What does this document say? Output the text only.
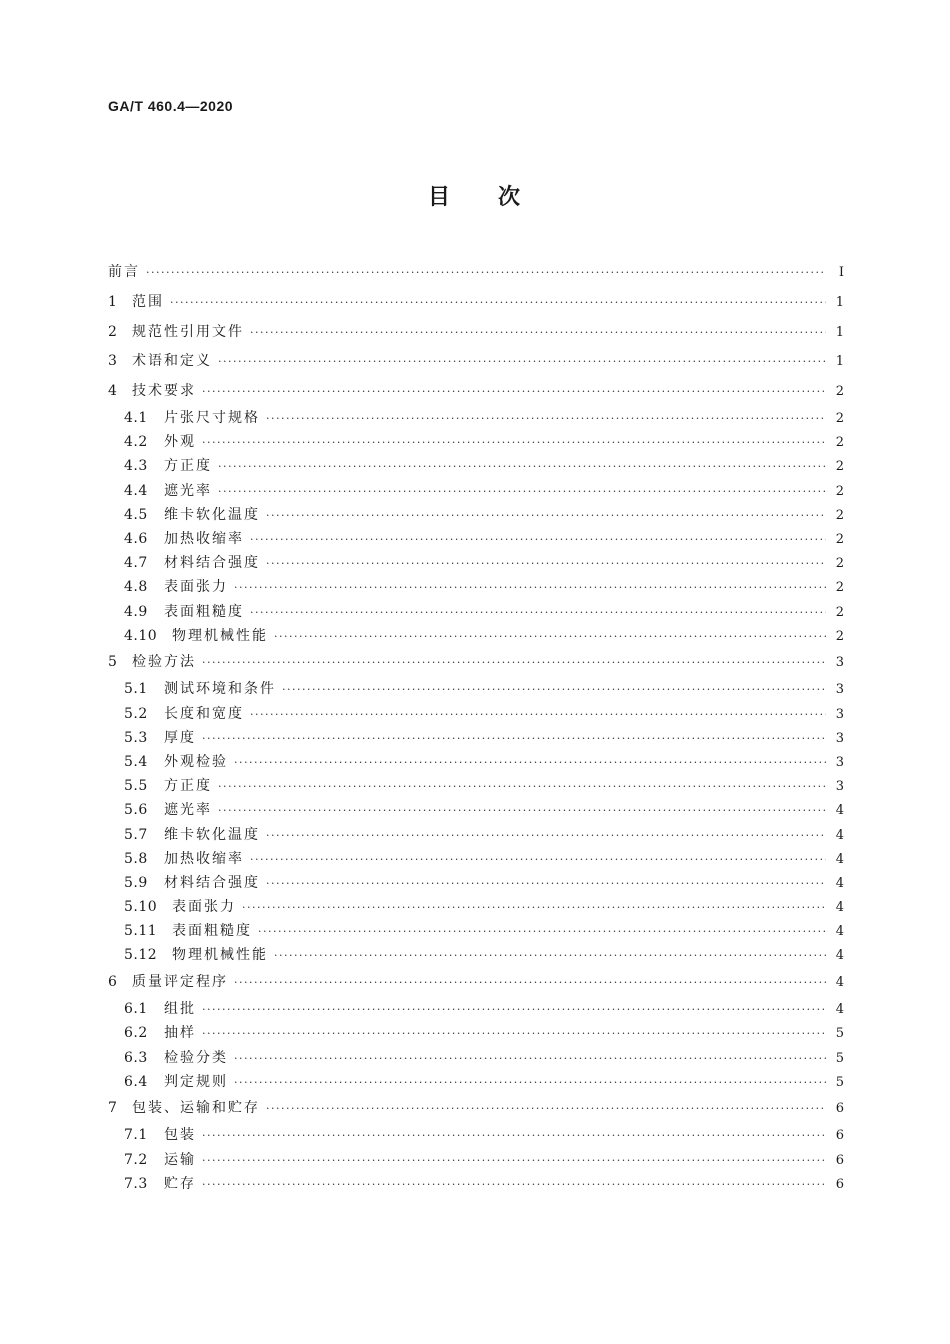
GA/T 460.4—2020
目 次
前言 ·····	Ⅰ
1	范围 ·····	1
2	规范性引用文件 ·····	1
3	术语和定义 ·····	1
4	技术要求 ·····	2
4.1	片张尺寸规格 ·····	2
4.2	外观 ·····	2
4.3	方正度 ·····	2
4.4	遮光率 ·····	2
4.5	维卡软化温度 ·····	2
4.6	加热收缩率 ·····	2
4.7	材料结合强度 ·····	2
4.8	表面张力 ·····	2
4.9	表面粗糙度 ·····	2
4.10	物理机械性能 ·····	2
5	检验方法 ·····	3
5.1	测试环境和条件 ·····	3
5.2	长度和宽度 ·····	3
5.3	厚度 ·····	3
5.4	外观检验 ·····	3
5.5	方正度 ·····	3
5.6	遮光率 ·····	4
5.7	维卡软化温度 ·····	4
5.8	加热收缩率 ·····	4
5.9	材料结合强度 ·····	4
5.10	表面张力 ·····	4
5.11	表面粗糙度 ·····	4
5.12	物理机械性能 ·····	4
6	质量评定程序 ·····	4
6.1	组批 ·····	4
6.2	抽样 ·····	5
6.3	检验分类 ·····	5
6.4	判定规则 ·····	5
7	包装、运输和贮存 ·····	6
7.1	包装 ·····	6
7.2	运输 ·····	6
7.3	贮存 ·····	6
